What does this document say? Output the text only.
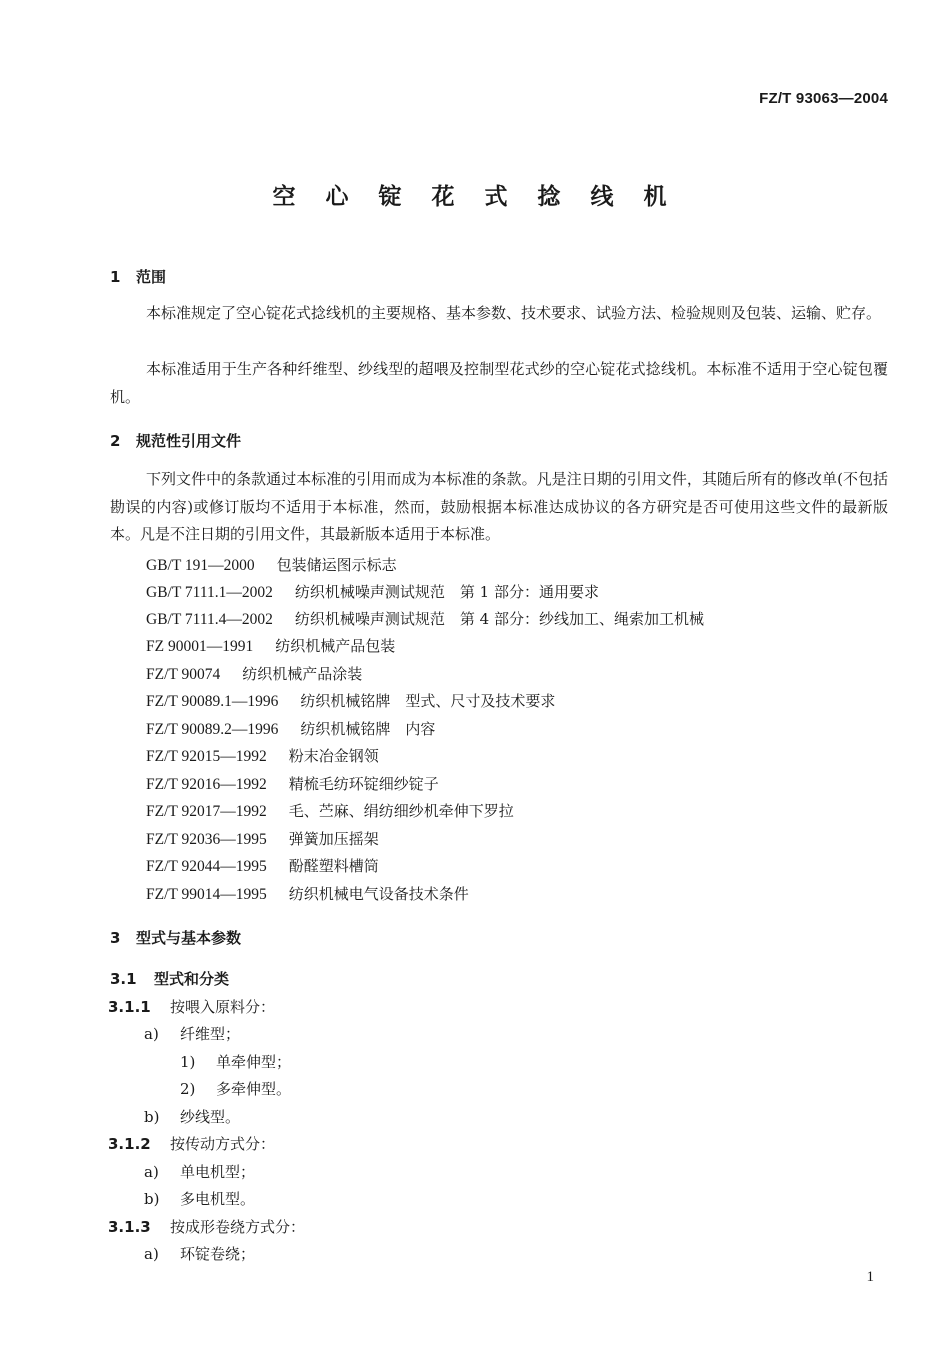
FZ/T 93063—2004
空 心 锭 花 式 捻 线 机
1 范围
本标准规定了空心锭花式捻线机的主要规格、基本参数、技术要求、试验方法、检验规则及包装、运输、贮存。
本标准适用于生产各种纤维型、纱线型的超喂及控制型花式纱的空心锭花式捻线机。本标准不适用于空心锭包覆机。
2 规范性引用文件
下列文件中的条款通过本标准的引用而成为本标准的条款。凡是注日期的引用文件，其随后所有的修改单(不包括勘误的内容)或修订版均不适用于本标准，然而，鼓励根据本标准达成协议的各方研究是否可使用这些文件的最新版本。凡是不注日期的引用文件，其最新版本适用于本标准。
GB/T 191—2000 包装储运图示标志
GB/T 7111.1—2002 纺织机械噪声测试规范　第 1 部分：通用要求
GB/T 7111.4—2002 纺织机械噪声测试规范　第 4 部分：纱线加工、绳索加工机械
FZ 90001—1991 纺织机械产品包装
FZ/T 90074 纺织机械产品涂装
FZ/T 90089.1—1996 纺织机械铭牌　型式、尺寸及技术要求
FZ/T 90089.2—1996 纺织机械铭牌　内容
FZ/T 92015—1992 粉末冶金钢领
FZ/T 92016—1992 精梳毛纺环锭细纱锭子
FZ/T 92017—1992 毛、苎麻、绢纺细纱机牵伸下罗拉
FZ/T 92036—1995 弹簧加压摇架
FZ/T 92044—1995 酚醛塑料槽筒
FZ/T 99014—1995 纺织机械电气设备技术条件
3 型式与基本参数
3.1 型式和分类
3.1.1 按喂入原料分：
a) 纤维型；
1) 单牵伸型；
2) 多牵伸型。
b) 纱线型。
3.1.2 按传动方式分：
a) 单电机型；
b) 多电机型。
3.1.3 按成形卷绕方式分：
a) 环锭卷绕；
1
